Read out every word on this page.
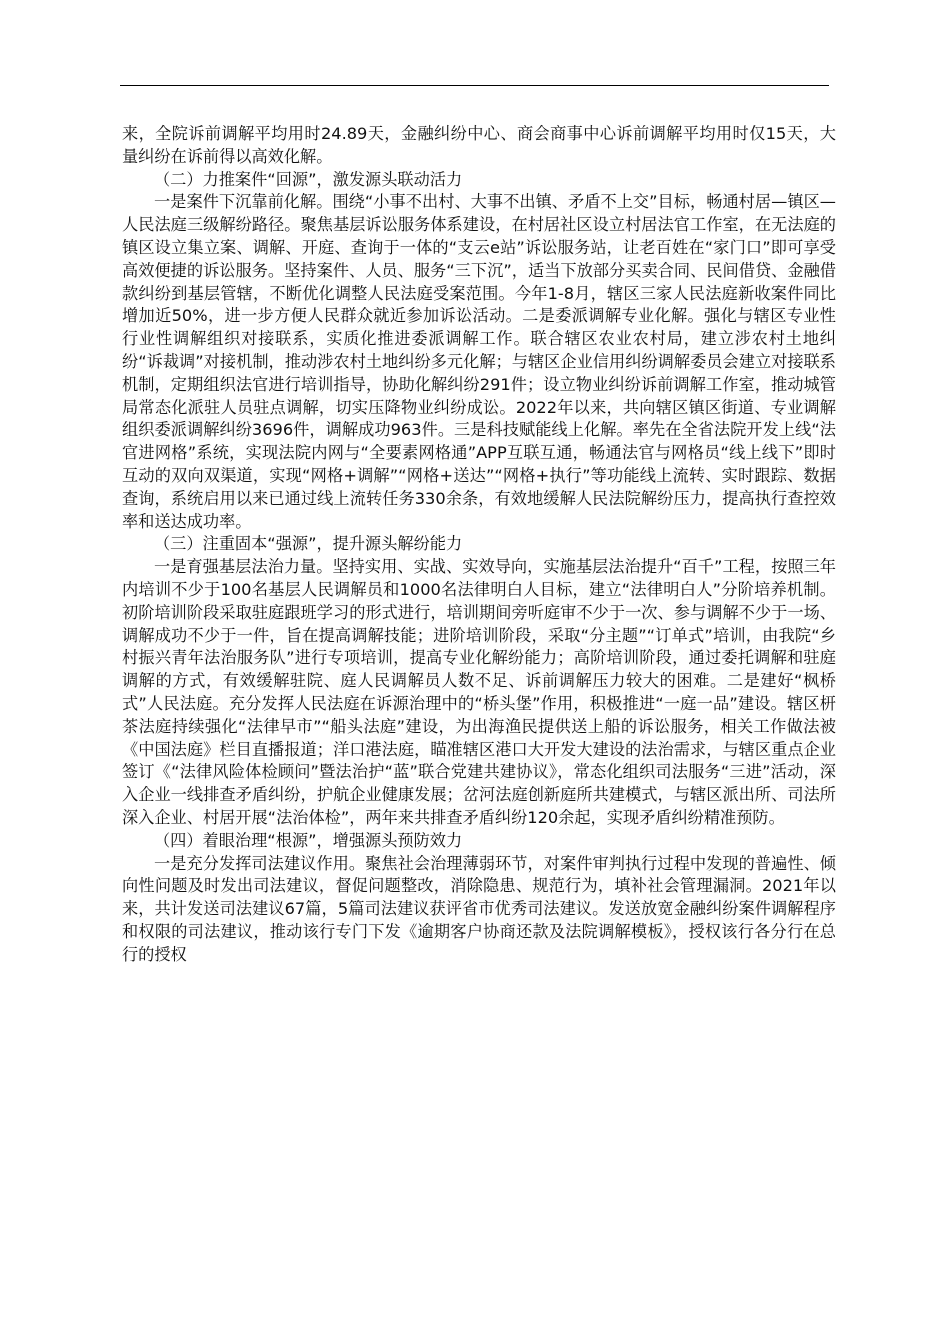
来，全院诉前调解平均用时24.89天，金融纠纷中心、商会商事中心诉前调解平均用时仅15天，大量纠纷在诉前得以高效化解。

（二）力推案件“回源”，激发源头联动活力

一是案件下沉靠前化解。围绕“小事不出村、大事不出镇、矛盾不上交”目标，畅通村居—镇区—人民法庭三级解纷路径。聚焦基层诉讼服务体系建设，在村居社区设立村居法官工作室，在无法庭的镇区设立集立案、调解、开庭、查询于一体的“支云e站”诉讼服务站，让老百姓在“家门口”即可享受高效便捷的诉讼服务。坚持案件、人员、服务“三下沉”，适当下放部分买卖合同、民间借贷、金融借款纠纷到基层管辖，不断优化调整人民法庭受案范围。今年1-8月，辖区三家人民法庭新收案件同比增加近50%，进一步方便人民群众就近参加诉讼活动。二是委派调解专业化解。强化与辖区专业性行业性调解组织对接联系，实质化推进委派调解工作。联合辖区农业农村局，建立涉农村土地纠纷“诉裁调”对接机制，推动涉农村土地纠纷多元化解；与辖区企业信用纠纷调解委员会建立对接联系机制，定期组织法官进行培训指导，协助化解纠纷291件；设立物业纠纷诉前调解工作室，推动城管局常态化派驻人员驻点调解，切实压降物业纠纷成讼。2022年以来，共向辖区镇区街道、专业调解组织委派调解纠纷3696件，调解成功963件。三是科技赋能线上化解。率先在全省法院开发上线“法官进网格”系统，实现法院内网与“全要素网格通”APP互联互通，畅通法官与网格员“线上线下”即时互动的双向双渠道，实现“网格+调解”“网格+送达”“网格+执行”等功能线上流转、实时跟踪、数据查询，系统启用以来已通过线上流转任务330余条，有效地缓解人民法院解纷压力，提高执行查控效率和送达成功率。

（三）注重固本“强源”，提升源头解纷能力

一是育强基层法治力量。坚持实用、实战、实效导向，实施基层法治提升“百千”工程，按照三年内培训不少于100名基层人民调解员和1000名法律明白人目标，建立“法律明白人”分阶培养机制。初阶培训阶段采取驻庭跟班学习的形式进行，培训期间旁听庭审不少于一次、参与调解不少于一场、调解成功不少于一件，旨在提高调解技能；进阶培训阶段，采取“分主题”“订单式”培训，由我院“乡村振兴青年法治服务队”进行专项培训，提高专业化解纷能力；高阶培训阶段，通过委托调解和驻庭调解的方式，有效缓解驻院、庭人民调解员人数不足、诉前调解压力较大的困难。二是建好“枫桥式”人民法庭。充分发挥人民法庭在诉源治理中的“桥头堡”作用，积极推进“一庭一品”建设。辖区枅茶法庭持续强化“法律早市”“船头法庭”建设，为出海渔民提供送上船的诉讼服务，相关工作做法被《中国法庭》栏目直播报道；洋口港法庭，瞄准辖区港口大开发大建设的法治需求，与辖区重点企业签订《“法律风险体检顾问”暨法治护“蓝”联合党建共建协议》，常态化组织司法服务“三进”活动，深入企业一线排查矛盾纠纷，护航企业健康发展；岔河法庭创新庭所共建模式，与辖区派出所、司法所深入企业、村居开展“法治体检”，两年来共排查矛盾纠纷120余起，实现矛盾纠纷精准预防。

（四）着眼治理“根源”，增强源头预防效力

一是充分发挥司法建议作用。聚焦社会治理薄弱环节，对案件审判执行过程中发现的普遍性、倾向性问题及时发出司法建议，督促问题整改，消除隐患、规范行为，填补社会管理漏洞。2021年以来，共计发送司法建议67篇，5篇司法建议获评省市优秀司法建议。发送放宽金融纠纷案件调解程序和权限的司法建议，推动该行专门下发《逾期客户协商还款及法院调解模板》，授权该行各分行在总行的授权
